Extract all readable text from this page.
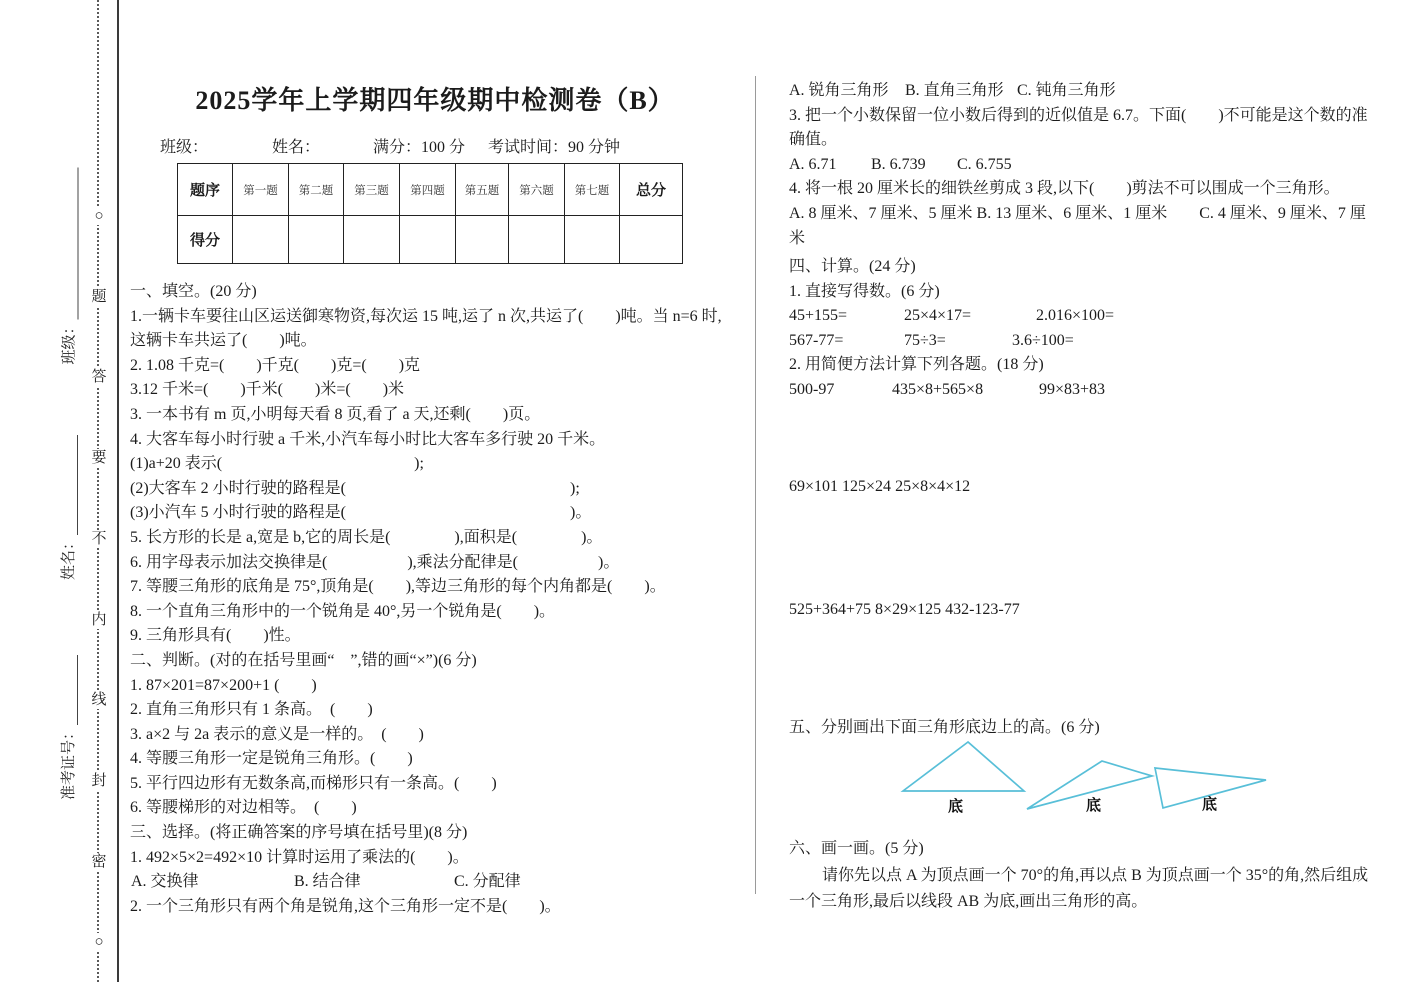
○
题
答
要
不
内
线
封
密
○
班级：
姓名：
准考证号：
2025学年上学期四年级期中检测卷（B）
班级：	姓名：	满分：100 分 考试时间：90 分钟
题序	第一题	第二题	第三题	第四题	第五题	第六题	第七题	总分
得分								
一、填空。(20 分)
1.一辆卡车要往山区运送御寒物资,每次运 15 吨,运了 n 次,共运了(　　)吨。当 n=6 时,
这辆卡车共运了(　　)吨。
2. 1.08 千克=(　　)千克(　　)克=(　　)克
3.12 千米=(　　)千米(　　)米=(　　)米
3. 一本书有 m 页,小明每天看 8 页,看了 a 天,还剩(　　)页。
4. 大客车每小时行驶 a 千米,小汽车每小时比大客车多行驶 20 千米。
(1)a+20 表示(　　　　　　　　　　　　);
(2)大客车 2 小时行驶的路程是(　　　　　　　　　　　　　　);
(3)小汽车 5 小时行驶的路程是(　　　　　　　　　　　　　　)。
5. 长方形的长是 a,宽是 b,它的周长是(　　　　),面积是(　　　　)。
6. 用字母表示加法交换律是(　　　　　),乘法分配律是(　　　　　)。
7. 等腰三角形的底角是 75°,顶角是(　　),等边三角形的每个内角都是(　　)。
8. 一个直角三角形中的一个锐角是 40°,另一个锐角是(　　)。
9. 三角形具有(　　)性。
二、判断。(对的在括号里画“　”,错的画“×”)(6 分)
1. 87×201=87×200+1 (　　)
2. 直角三角形只有 1 条高。　(　　)
3. a×2 与 2a 表示的意义是一样的。　(　　)
4. 等腰三角形一定是锐角三角形。(　　)
5. 平行四边形有无数条高,而梯形只有一条高。(　　)
6. 等腰梯形的对边相等。　(　　)
三、选择。(将正确答案的序号填在括号里)(8 分)
1. 492×5×2=492×10 计算时运用了乘法的(　　)。
A. 交换律	B. 结合律	C. 分配律
2. 一个三角形只有两个角是锐角,这个三角形一定不是(　　)。
A. 锐角三角形 B. 直角三角形 C. 钝角三角形
3. 把一个小数保留一位小数后得到的近似值是 6.7。下面(　　)不可能是这个数的准
确值。
A. 6.71 B. 6.739 C. 6.755
4. 将一根 20 厘米长的细铁丝剪成 3 段,以下(　　)剪法不可以围成一个三角形。
A. 8 厘米、7 厘米、5 厘米 B. 13 厘米、6 厘米、1 厘米　　C. 4 厘米、9 厘米、7 厘
米
四、计算。(24 分)
1. 直接写得数。(6 分)
45+155=	25×4×17=	2.016×100=
567-77=	75÷3=	3.6÷100=
2. 用简便方法计算下列各题。(18 分)
500-97	435×8+565×8	99×83+83
69×101 125×24 25×8×4×12
525+364+75 8×29×125 432-123-77
五、分别画出下面三角形底边上的高。(6 分)
底	底	底
六、画一画。(5 分)
请你先以点 A 为顶点画一个 70°的角,再以点 B 为顶点画一个 35°的角,然后组成
一个三角形,最后以线段 AB 为底,画出三角形的高。
